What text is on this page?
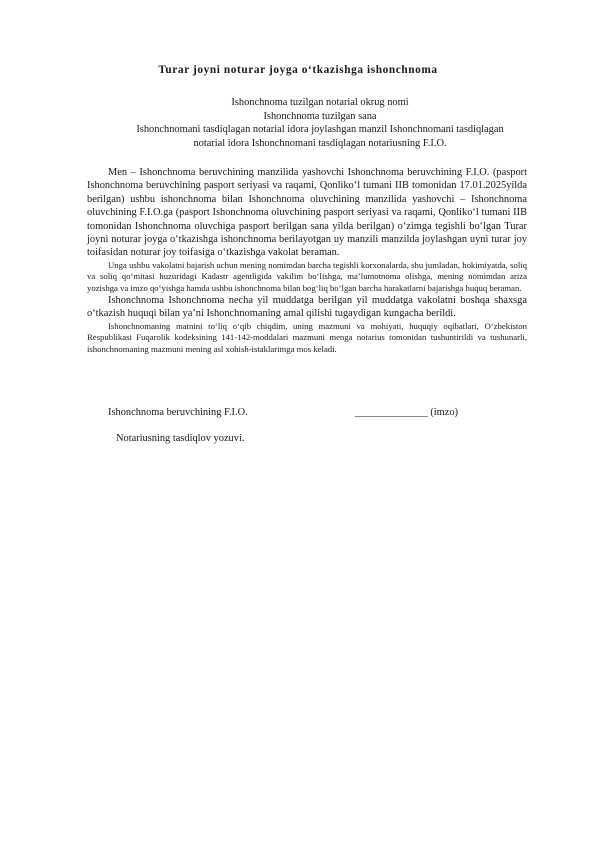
Turar joyni noturar joyga o‘tkazishga ishonchnoma
Ishonchnoma tuzilgan notarial okrug nomi
Ishonchnoma tuzilgan sana
Ishonchnomani tasdiqlagan notarial idora joylashgan manzil Ishonchnomani tasdiqlagan
notarial idora Ishonchnomani tasdiqlagan notariusning F.I.O.

Men – Ishonchnoma beruvchining manzilida yashovchi Ishonchnoma beruvchining F.I.O. (pasport Ishonchnoma beruvchining pasport seriyasi va raqami, Qonliko‘l tumani IIB tomonidan 17.01.2025yilda berilgan) ushbu ishonchnoma bilan Ishonchnoma oluvchining manzilida yashovchi – Ishonchnoma oluvchining F.I.O.ga (pasport Ishonchnoma oluvchining pasport seriyasi va raqami, Qonliko‘l tumani IIB tomonidan Ishonchnoma oluvchiga pasport berilgan sana yilda berilgan) o‘zimga tegishli bo‘lgan Turar joyni noturar joyga o‘tkazishga ishonchnoma berilayotgan uy manzili manzilda joylashgan uyni turar joy toifasidan noturar joy toifasiga o‘tkazishga vakolat beraman.

Unga ushbu vakolatni bajarish uchun mening nomimdan barcha tegishli korxonalarda, shu jumladan, hokimiyatda, soliq va soliq qo‘mitasi huzuridagi Kadastr agentligida vakilim bo‘lishga, ma’lumotnoma olishga, mening nomimdan ariza yozishga va imzo qo‘yishga hamda ushbu ishonchnoma bilan bog‘liq bo‘lgan barcha harakatlarni bajarishga huquq beraman.

Ishonchnoma Ishonchnoma necha yil muddatga berilgan yil muddatga vakolatni boshqa shaxsga o‘tkazish huquqi bilan ya’ni Ishonchnomaning amal qilishi tugaydigan kungacha berildi.

Ishonchnomaning matnini to‘liq o‘qib chiqdim, uning mazmuni va mohiyati, huquqiy oqibatlari, O‘zbekiston Respublikasi Fuqarolik kodeksining 141-142-moddalari mazmuni menga notarius tomonidan tushuntirildi va tushunarli, ishonchnomaning mazmuni mening asl xohish-istaklarimga mos keladi.

Ishonchnoma beruvchining F.I.O.	______________ (imzo)
Notariusning tasdiqlov yozuvi.
